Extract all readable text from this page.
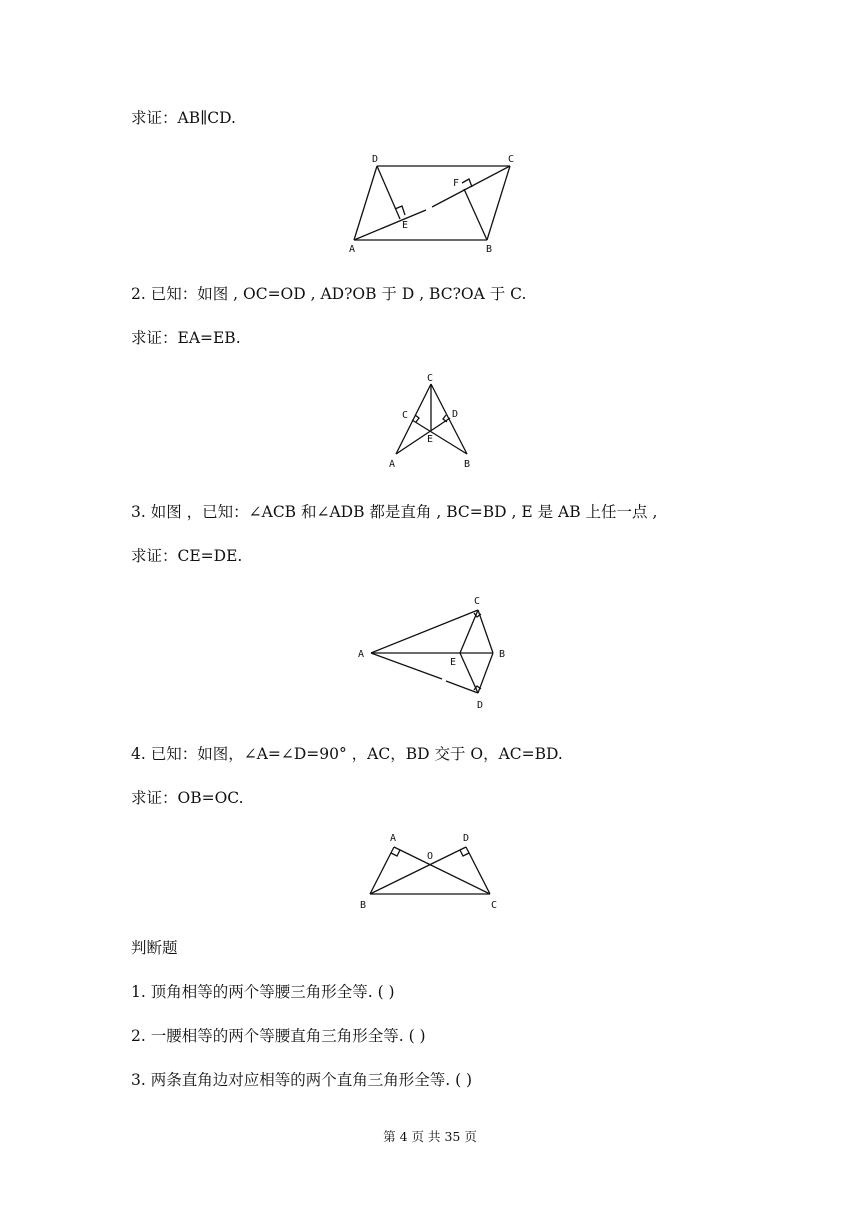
求证：AB∥CD.
2. 已知：如图 , OC=OD , AD?OB 于 D , BC?OA 于 C.
求证：EA=EB.
3. 如图 ，已知：∠ACB 和∠ADB 都是直角 , BC=BD , E 是 AB 上任一点 ,
求证：CE=DE.
4. 已知：如图，∠A=∠D=90° ，AC，BD 交于 O，AC=BD.
求证：OB=OC.
判断题
1. 顶角相等的两个等腰三角形全等. ( )
2. 一腰相等的两个等腰直角三角形全等. ( )
3. 两条直角边对应相等的两个直角三角形全等. ( )
D	C
F
E
A	B
C
C	D
E
A	B
C
A
E
B
D
A	D
O
B	C
第 4 页 共 35 页
